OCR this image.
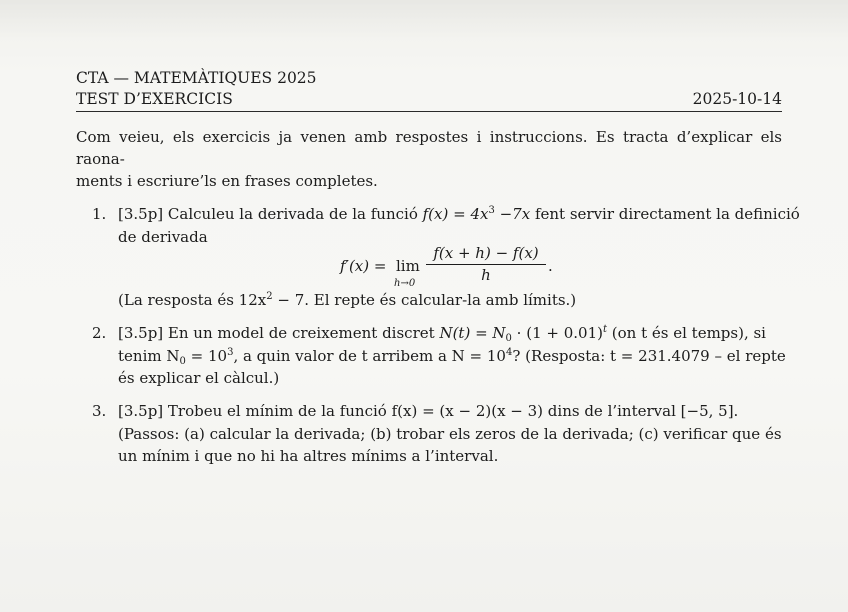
CTA — MATEMÀTIQUES 2025
TEST D’EXERCICIS	2025-10-14
Com veieu, els exercicis ja venen amb respostes i instruccions. Es tracta d’explicar els raona-
ments i escriure’ls en frases completes.
1. [3.5p] Calculeu la derivada de la funció $f(x) = 4x^3 -7x$ fent servir directament la definició
de derivada
f′(x) = lim
h→0
f(x + h) − f(x)
h	.
(La resposta és $12x^2 - 7$. El repte és calcular-la amb límits.)
2. [3.5p] En un model de creixement discret $N(t) = N_0 \cdot (1 + 0.01)^t$ (on t és el temps), si
tenim $N_0 = 10^3$, a quin valor de t arribem a $N = 10^4$? (Resposta: t = 231.4079 – el repte
és explicar el càlcul.)
3. [3.5p] Trobeu el mínim de la funció f(x) = (x − 2)(x − 3) dins de l’interval [−5, 5].
(Passos: (a) calcular la derivada; (b) trobar els zeros de la derivada; (c) verificar que és
un mínim i que no hi ha altres mínims a l’interval.
